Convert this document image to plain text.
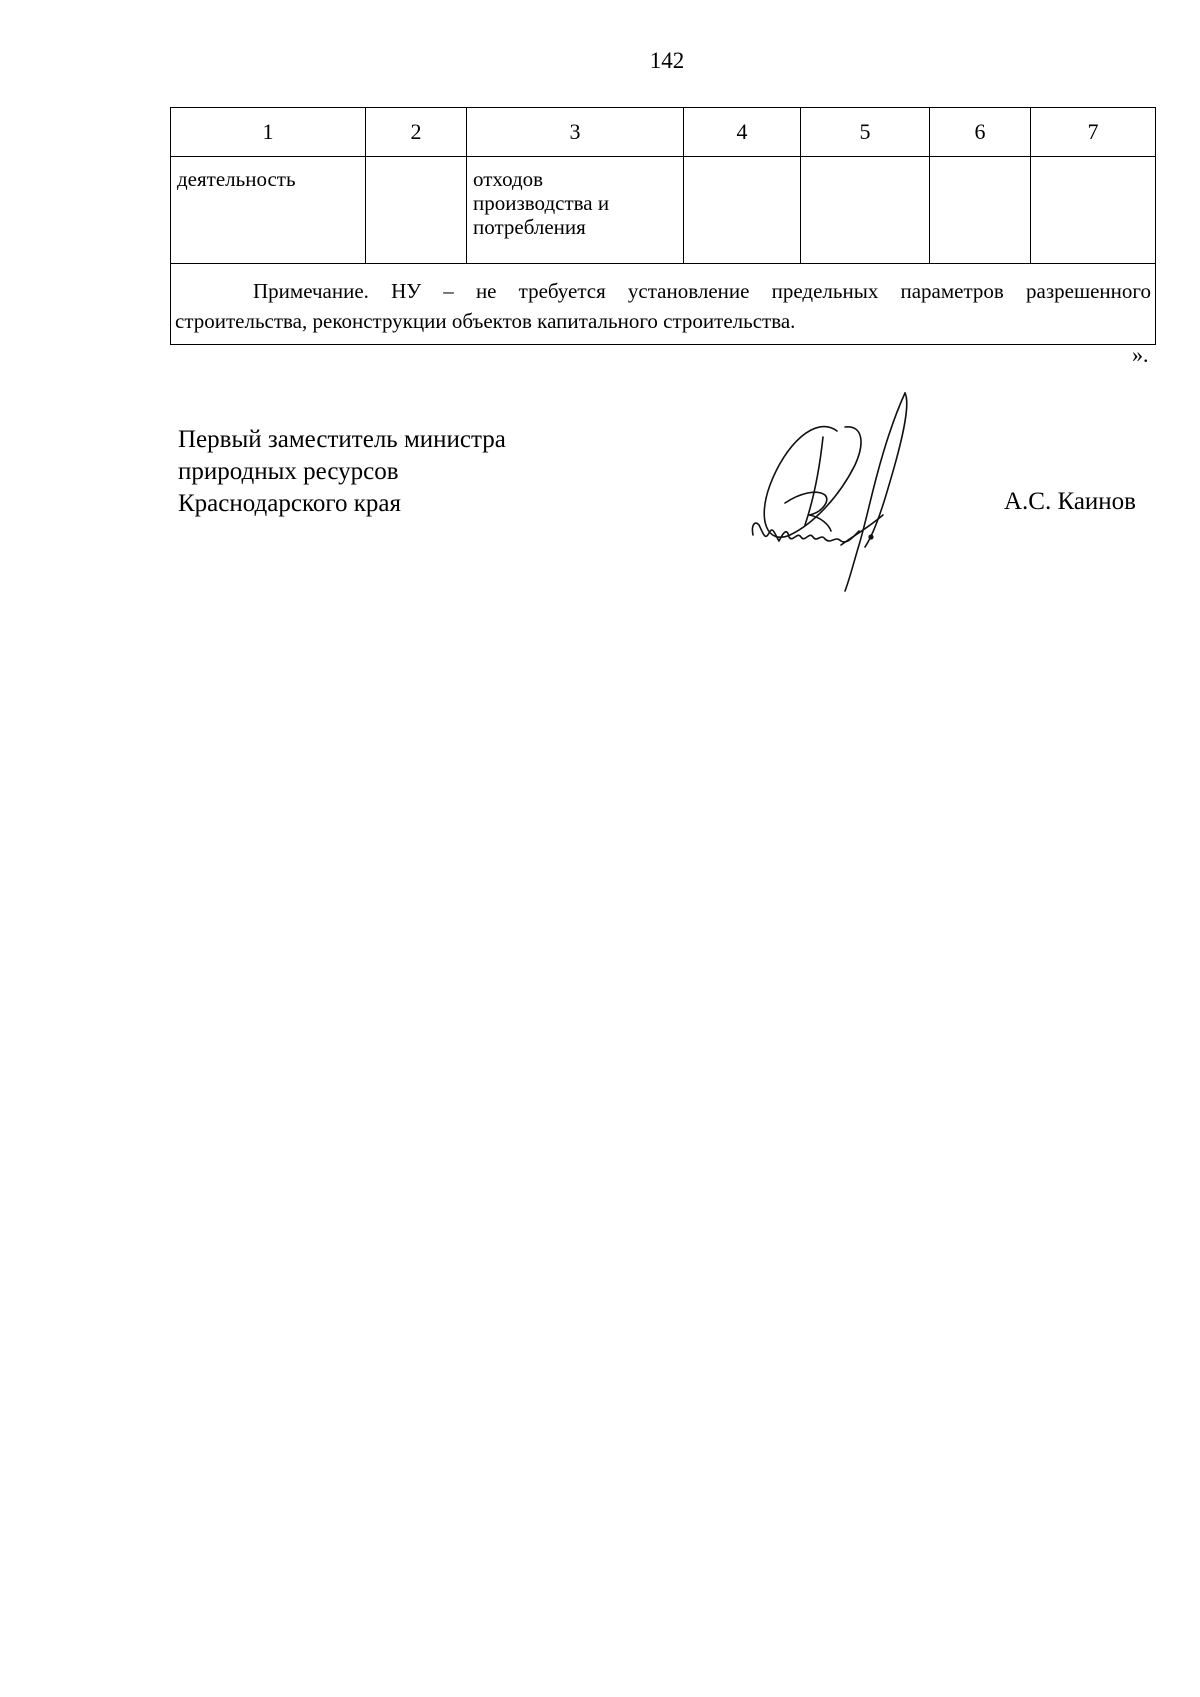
142
1	2	3	4	5	6	7
деятельность		отходов
производства и
потребления				

Примечание. НУ – не требуется установление предельных параметров разрешенного строительства, реконструкции объектов капитального строительства.						
».
Первый заместитель министра
природных ресурсов
Краснодарского края	А.С. Каинов
